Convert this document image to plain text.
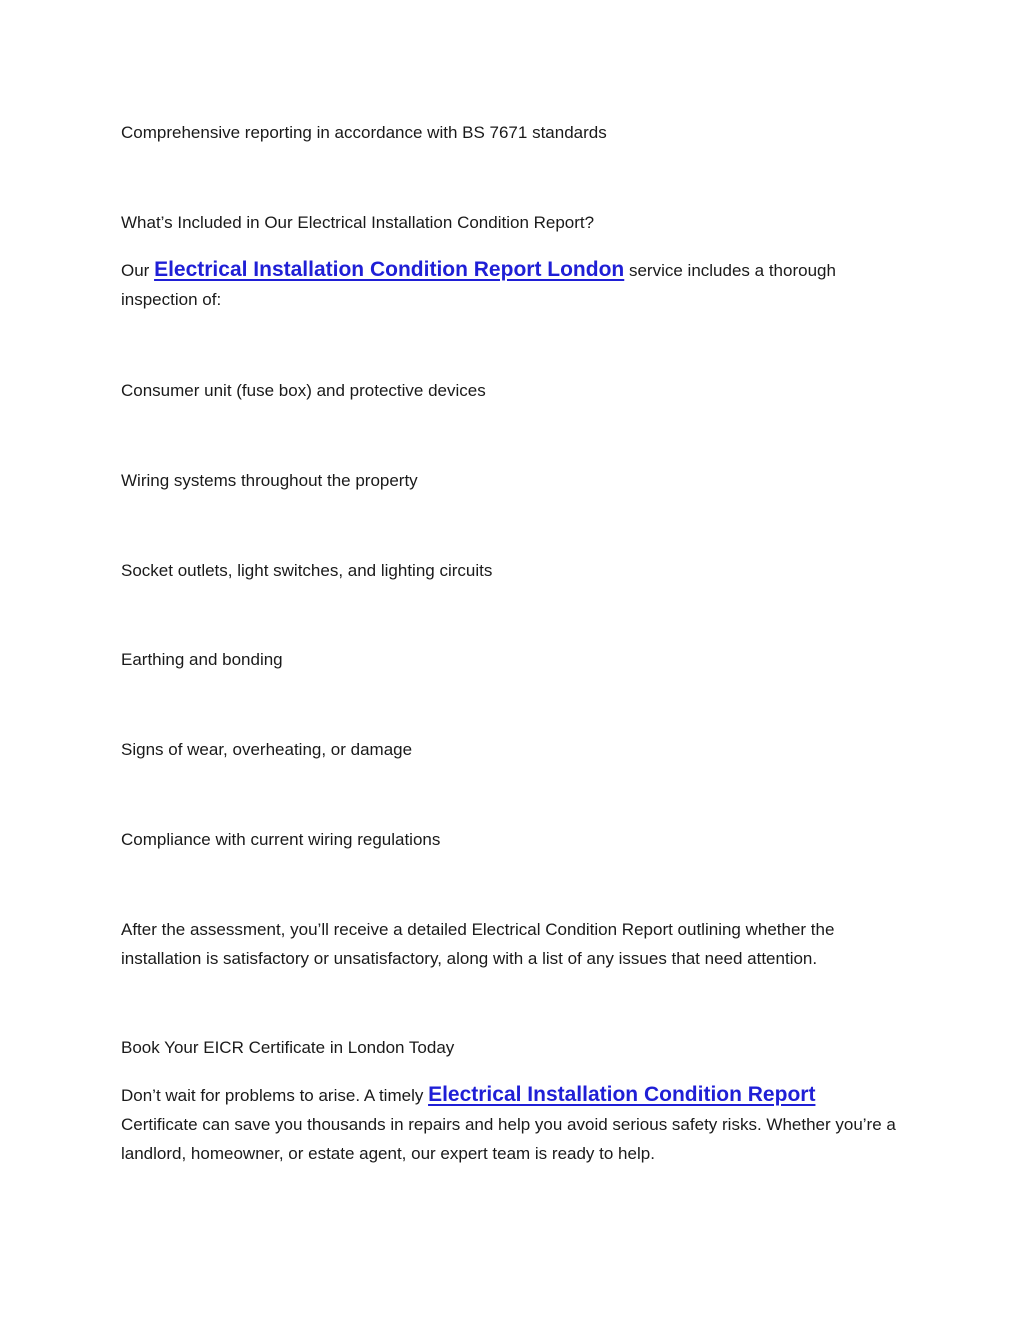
Comprehensive reporting in accordance with BS 7671 standards

What’s Included in Our Electrical Installation Condition Report?

Our Electrical Installation Condition Report London service includes a thorough inspection of:

Consumer unit (fuse box) and protective devices

Wiring systems throughout the property

Socket outlets, light switches, and lighting circuits

Earthing and bonding

Signs of wear, overheating, or damage

Compliance with current wiring regulations

After the assessment, you’ll receive a detailed Electrical Condition Report outlining whether the installation is satisfactory or unsatisfactory, along with a list of any issues that need attention.

Book Your EICR Certificate in London Today

Don’t wait for problems to arise. A timely Electrical Installation Condition Report Certificate can save you thousands in repairs and help you avoid serious safety risks. Whether you’re a landlord, homeowner, or estate agent, our expert team is ready to help.
